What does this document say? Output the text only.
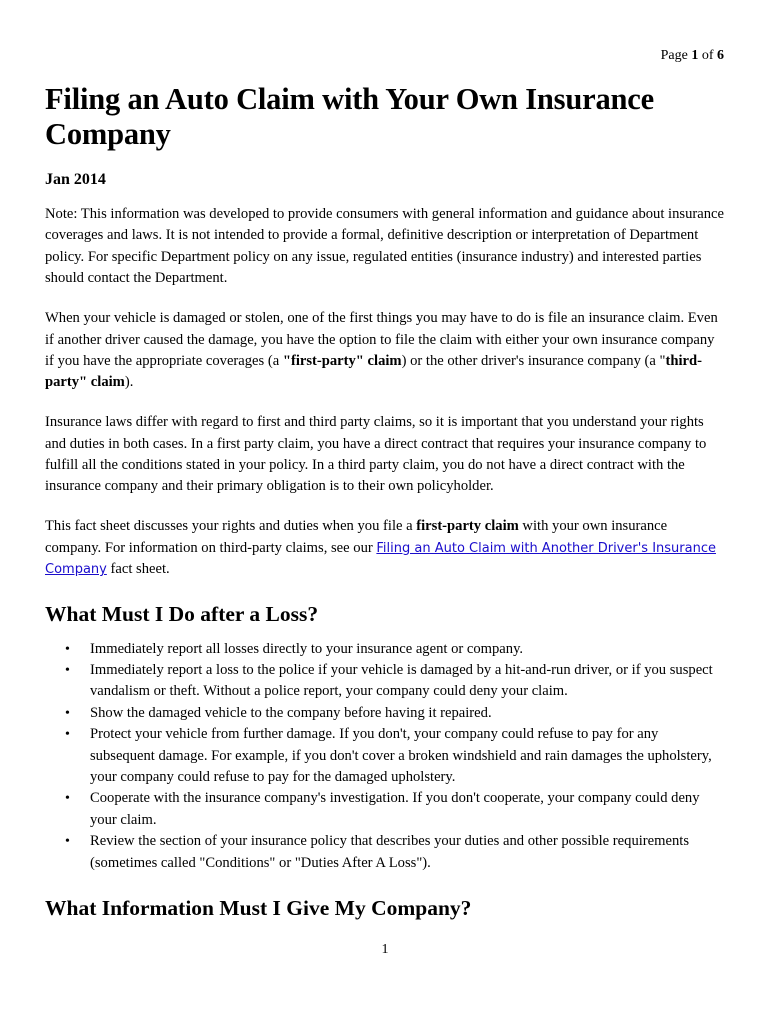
Page 1 of 6
Filing an Auto Claim with Your Own Insurance Company
Jan 2014

Note: This information was developed to provide consumers with general information and guidance about insurance coverages and laws. It is not intended to provide a formal, definitive description or interpretation of Department policy. For specific Department policy on any issue, regulated entities (insurance industry) and interested parties should contact the Department.

When your vehicle is damaged or stolen, one of the first things you may have to do is file an insurance claim. Even if another driver caused the damage, you have the option to file the claim with either your own insurance company if you have the appropriate coverages (a "first-party" claim) or the other driver's insurance company (a "third-party" claim).

Insurance laws differ with regard to first and third party claims, so it is important that you understand your rights and duties in both cases. In a first party claim, you have a direct contract that requires your insurance company to fulfill all the conditions stated in your policy. In a third party claim, you do not have a direct contract with the insurance company and their primary obligation is to their own policyholder.

This fact sheet discusses your rights and duties when you file a first-party claim with your own insurance company. For information on third-party claims, see our Filing an Auto Claim with Another Driver's Insurance Company fact sheet.

What Must I Do after a Loss?
• Immediately report all losses directly to your insurance agent or company.
• Immediately report a loss to the police if your vehicle is damaged by a hit-and-run driver, or if you suspect vandalism or theft. Without a police report, your company could deny your claim.
• Show the damaged vehicle to the company before having it repaired.
• Protect your vehicle from further damage. If you don't, your company could refuse to pay for any subsequent damage. For example, if you don't cover a broken windshield and rain damages the upholstery, your company could refuse to pay for the damaged upholstery.
• Cooperate with the insurance company's investigation. If you don't cooperate, your company could deny your claim.
• Review the section of your insurance policy that describes your duties and other possible requirements (sometimes called "Conditions" or "Duties After A Loss").
What Information Must I Give My Company?
1
